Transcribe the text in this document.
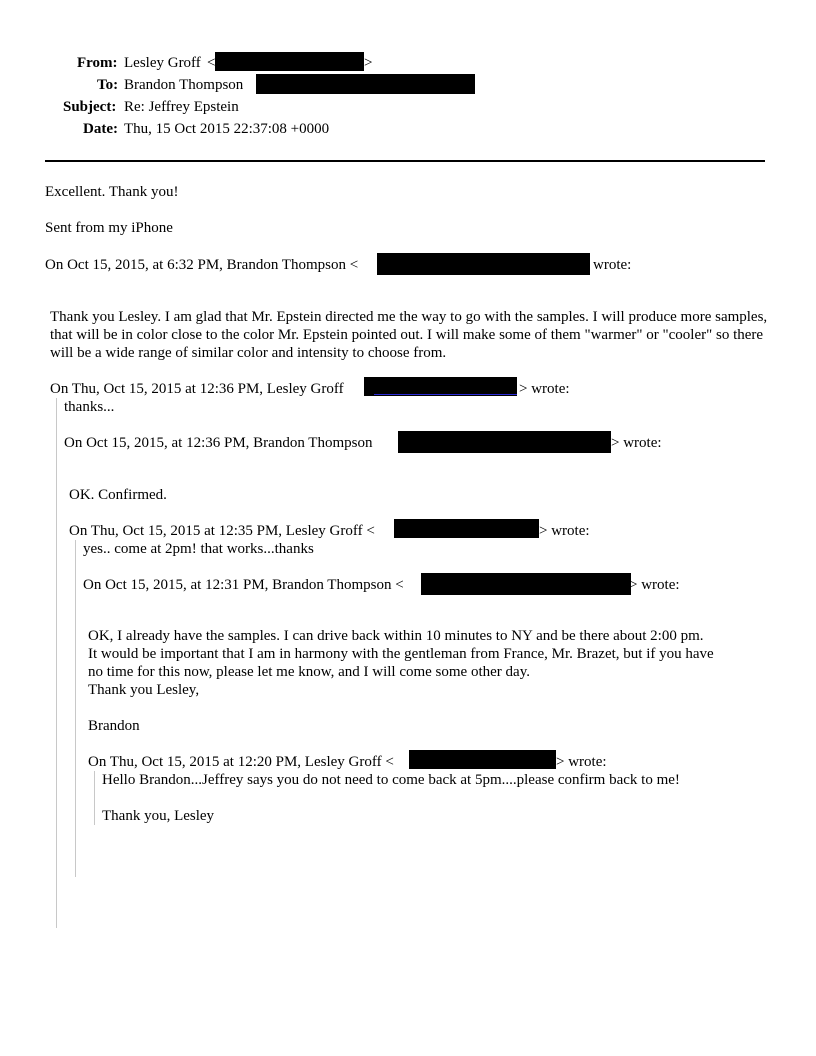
From: Lesley Groff <	>
To: Brandon Thompson
Subject: Re: Jeffrey Epstein
Date: Thu, 15 Oct 2015 22:37:08 +0000
Excellent. Thank you!
Sent from my iPhone
On Oct 15, 2015, at 6:32 PM, Brandon Thompson <	wrote:
Thank you Lesley. I am glad that Mr. Epstein directed me the way to go with the samples. I will produce more samples, that will be in color close to the color Mr. Epstein pointed out. I will make some of them "warmer" or "cooler" so there will be a wide range of similar color and intensity to choose from.
On Thu, Oct 15, 2015 at 12:36 PM, Lesley Groff	> wrote:
thanks...
On Oct 15, 2015, at 12:36 PM, Brandon Thompson	> wrote:
OK. Confirmed.
On Thu, Oct 15, 2015 at 12:35 PM, Lesley Groff <	> wrote:
yes.. come at 2pm! that works...thanks
On Oct 15, 2015, at 12:31 PM, Brandon Thompson <	> wrote:
OK, I already have the samples. I can drive back within 10 minutes to NY and be there about 2:00 pm.
It would be important that I am in harmony with the gentleman from France, Mr. Brazet, but if you have
no time for this now, please let me know, and I will come some other day.
Thank you Lesley,
Brandon
On Thu, Oct 15, 2015 at 12:20 PM, Lesley Groff <	> wrote:
Hello Brandon...Jeffrey says you do not need to come back at 5pm....please confirm back to me!
Thank you, Lesley
